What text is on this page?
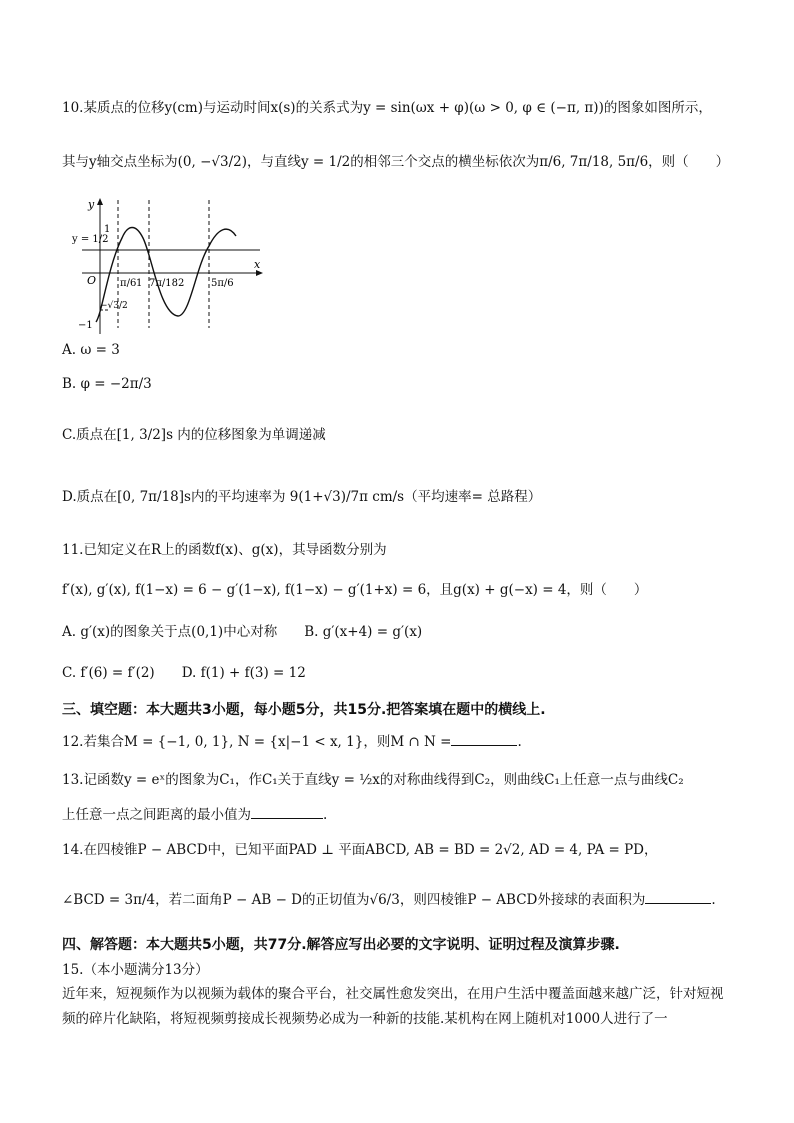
10.某质点的位移y(cm)与运动时间x(s)的关系式为y = sin(ωx + φ)(ω > 0, φ ∈ (−π, π))的图象如图所示，
其与y轴交点坐标为(0, −√3/2)，与直线y = 1/2的相邻三个交点的横坐标依次为π/6, 7π/18, 5π/6，则（　　）
y
1
y = 1/2
O π/6 1 7π/18 2	5π/6
x
−√3/2
−1
A. ω = 3
B. φ = −2π/3
C.质点在[1, 3/2]s 内的位移图象为单调递减
D.质点在[0, 7π/18]s内的平均速率为 9(1+√3)/7π cm/s（平均速率= 总路程）
11.已知定义在R上的函数f(x)、g(x)，其导函数分别为
f′(x), g′(x), f(1−x) = 6 − g′(1−x), f(1−x) − g′(1+x) = 6，且g(x) + g(−x) = 4，则（　　）
A. g′(x)的图象关于点(0,1)中心对称　　B. g′(x+4) = g′(x)
C. f′(6) = f′(2)　　D. f(1) + f(3) = 12
三、填空题：本大题共3小题，每小题5分，共15分.把答案填在题中的横线上.
12.若集合M = {−1, 0, 1}, N = {x|−1 < x, 1}，则M ∩ N =	.
13.记函数y = eˣ的图象为C₁，作C₁关于直线y = ½x的对称曲线得到C₂，则曲线C₁上任意一点与曲线C₂
上任意一点之间距离的最小值为	.
14.在四棱锥P − ABCD中，已知平面PAD ⊥ 平面ABCD, AB = BD = 2√2, AD = 4, PA = PD，
∠BCD = 3π/4，若二面角P − AB − D的正切值为√6/3，则四棱锥P − ABCD外接球的表面积为	.
四、解答题：本大题共5小题，共77分.解答应写出必要的文字说明、证明过程及演算步骤.
15.（本小题满分13分）
近年来，短视频作为以视频为载体的聚合平台，社交属性愈发突出，在用户生活中覆盖面越来越广泛，针对短视频的碎片化缺陷，将短视频剪接成长视频势必成为一种新的技能.某机构在网上随机对1000人进行了一
